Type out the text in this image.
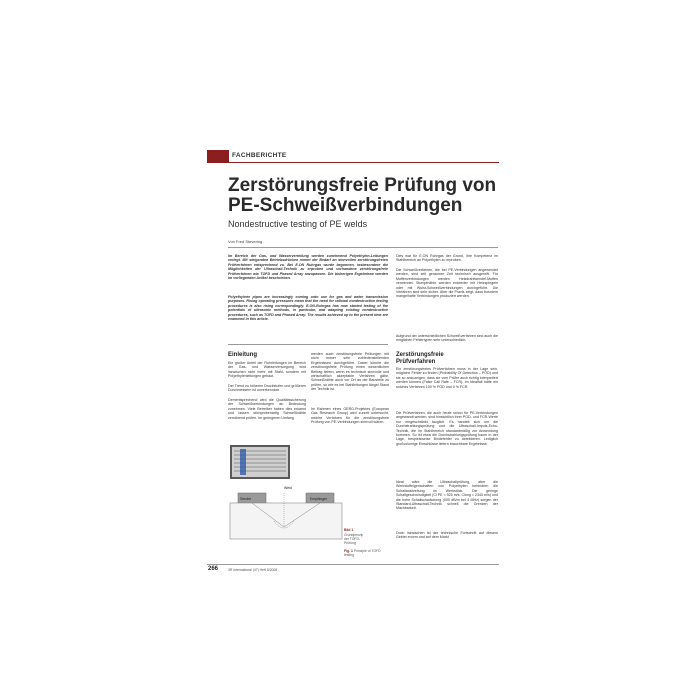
FACHBERICHTE
Zerstörungsfreie Prüfung von
PE-Schweißverbindungen
Nondestructive testing of PE welds
Von Fred Stevering
Im Bereich der Gas- und Wasserverteilung werden zunehmend Polyethylen-Leitungen verlegt. Mit steigenden Betriebsdrücken nimmt der Bedarf an sinnvollen zerstörungsfreien Prüfverfahren entsprechend zu. Bei E.ON Ruhrgas wurde begonnen, insbesondere die Möglichkeiten der Ultraschall-Technik zu erproben und vorhandene zerstörungsfreie Prüfverfahren wie TOFD und Phased Array anzupassen. Die bisherigen Ergebnisse werden im vorliegenden Artikel beschrieben.
Polyethylene pipes are increasingly coming onto use for gas and water transmission purposes. Rising operating pressures mean that the need for rational nondestructive testing procedures is also rising correspondingly. E.ON-Ruhrgas has now started testing of the potentials of ultrasonic methods, in particular, and adapting existing nondestructive procedures, such as TOFD and Phased Array. The results achieved up to the present time are examined in this article.
Dies war für E.ON Ruhrgas der Grund, ihre Kompetenz im Stahlbereich an Polyethylen zu erproben.
Die Schweißverfahren, die bei PE-Verbindungen angewendet werden, sind seit geraumer Zeit technisch ausgereift. Für Muffenverbindungen werden Heizdrahtwendel-Muffen verwendet, Stumpfnähte werden entweder mit Heizspiegeln oder mit Wulst-Schweißverbindungen durchgeführt. Die Verfahren sind sehr sicher. Aber die Praxis zeigt, dass trotzdem mangelhafte Verbindungen produziert werden.
Aufgrund der unterschiedlichen Schweißverfahren sind auch die möglichen Fehlertypen sehr unterschiedlich.
Zerstörungsfreie
Prüfverfahren
Ein zerstörungsfreies Prüfverfahren muss in der Lage sein, mögliche Fehler zu finden (Probability Of Detection – POD) und sie so anzuzeigen, dass sie vom Prüfer auch richtig interpretiert werden können (False Call Rate – FCR). Im Idealfall hätte ein solches Verfahren 100 % POD und 0 % FCR.
Die Prüfverfahren, die auch heute schon für PE-Verbindungen angewandt werden, sind hinsichtlich ihrer POD- und FCR-Werte nur eingeschränkt tauglich. Es handelt sich um die Durchstrahlungsprüfung und die Ultraschall-Impuls-Echo-Technik, die im Stahlbereich standardmäßig zur Anwendung kommen. So ist etwa die Durchstrahlungsprüfung kaum in der Lage, bespielsweise Bindefehler zu detektieren. Lediglich großvolumige Einschlüsse liefern brauchbare Ergebnisse.
Ideal wäre die Ultraschallprüfung, aber die Werkstoffeigenschaften von Polyethylen behindern die Schallausbreitung im Werkstück. Die geringe Schallgeschwindigkeit (Cl PE = 925 m/s; Clong = 2340 m/s) und die hohe Schallschwächung (500 dB/m bei 4 MHz) sorgen der Standard-Ultraschall-Technik schnell die Grenzen der Machbarkeit.
Doch inzwischen ist der technische Fortschritt auf diesem Gebiet enorm und auf dem Markt
Einleitung
Ein großer Anteil der Rohrleitungen im Bereich der Gas- und Wasserversorgung wird inzwischen nicht mehr mit Stahl- sondern mit Polyethylenleitungen gebaut.
Der Trend zu höheren Druckstufen und größeren Durchmessern ist unverkennbar.
Dementsprechend wird die Qualitätssicherung der Schweißverbindungen an Bedeutung zunehmen. Viele Betreiber haben dies erkannt und lassen stichprobenartig Schweißnähte zerstörend prüfen. Im geringeren Umfang
werden auch zerstörungsfreie Prüfungen mit nicht immer sehr zufriedenstellenden Ergebnissen durchgeführt. Dabei könnte die zerstörungsfreie Prüfung einen wesentlichen Beitrag liefern, wenn es technisch sinnvolle und wirtschaftlich akzeptable Verfahren gäbe, Schweißnähte auch vor Ort an der Baustelle zu prüfen, so wie es bei Stahlleitungen längst Stand der Technik ist.
Im Rahmen eines GERG-Projektes (European Gas Research Group) wird zurzeit untersucht, welche Verfahren für die zerstörungsfreie Prüfung von PE-Verbindungen sinnvoll wären.
Sender	Empfänger
Weld
Bild 1
Grundprinzip der TOFD-Prüfung
Fig. 1 Principle of TOFD testing
266	3R international (47) Heft 5/2008
